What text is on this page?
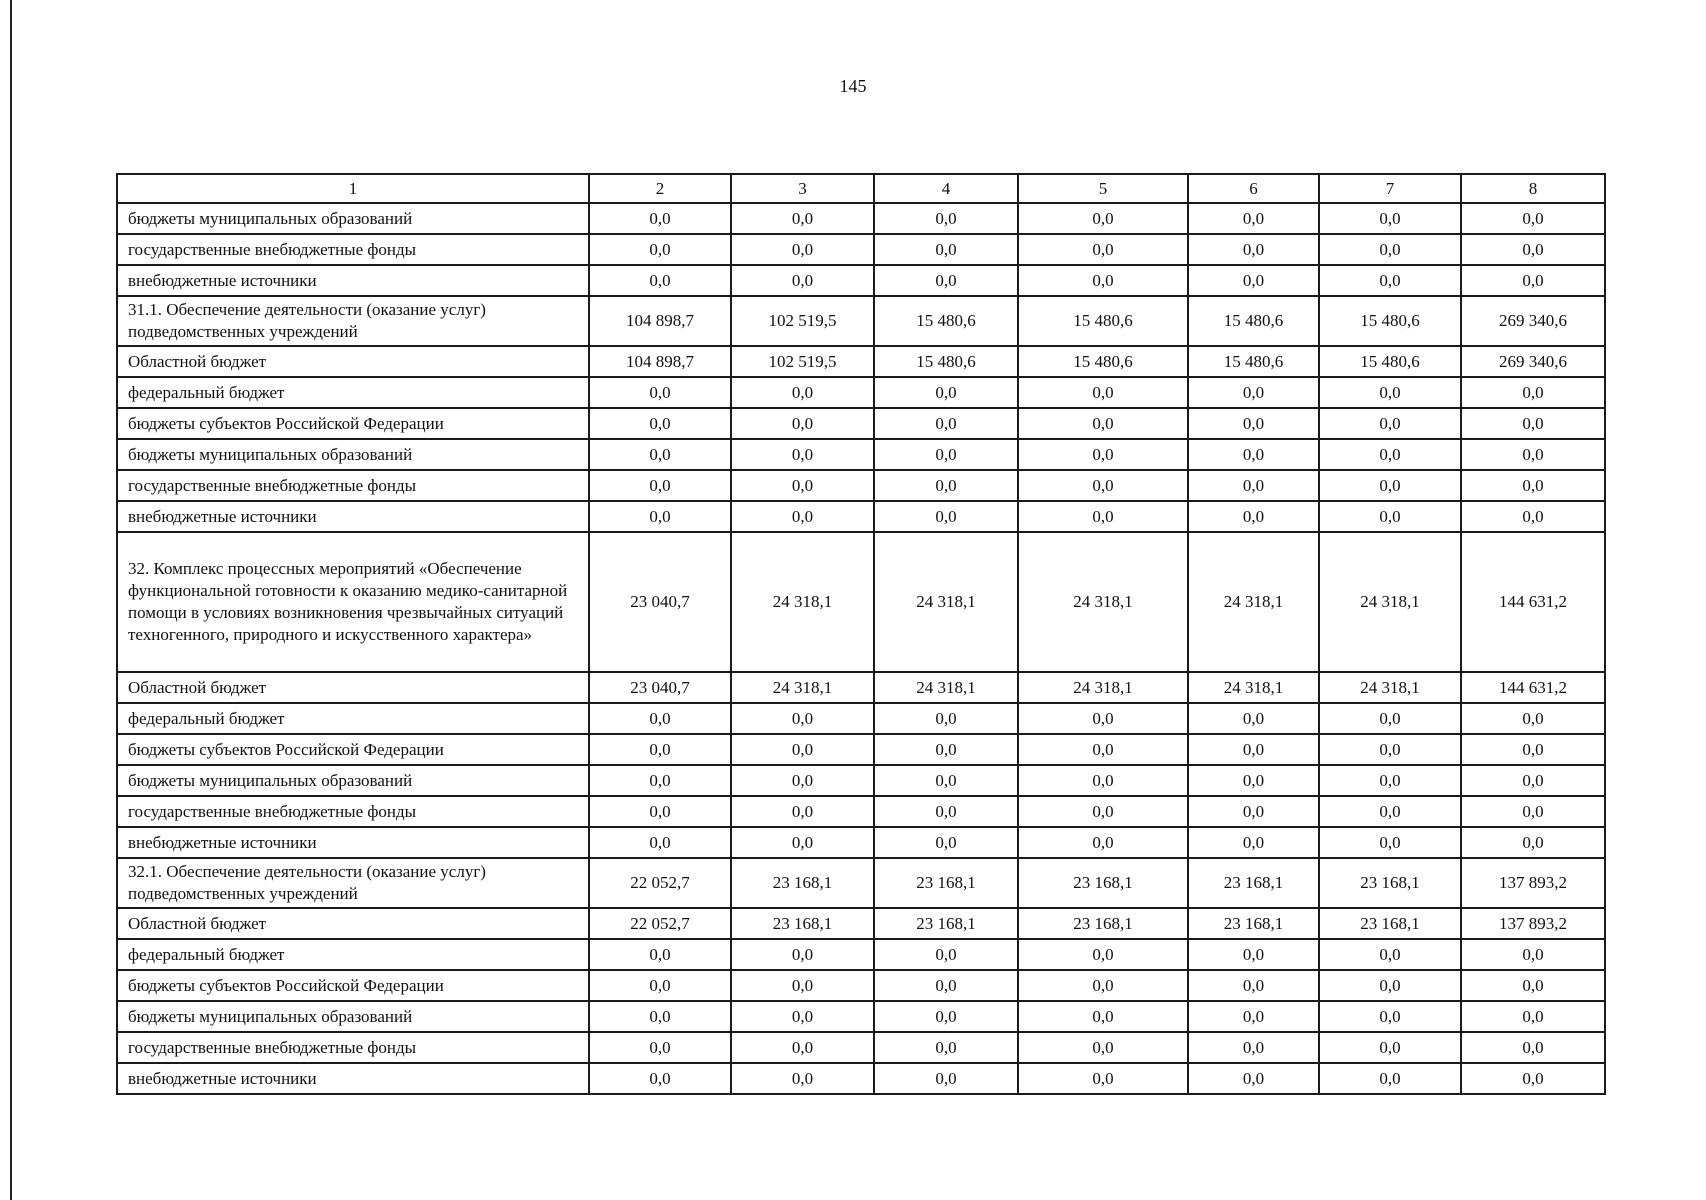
145
1	2	3	4	5	6	7	8
бюджеты муниципальных образований	0,0	0,0	0,0	0,0	0,0	0,0	0,0
государственные внебюджетные фонды	0,0	0,0	0,0	0,0	0,0	0,0	0,0
внебюджетные источники	0,0	0,0	0,0	0,0	0,0	0,0	0,0
31.1. Обеспечение деятельности (оказание услуг) подведомственных учреждений	104 898,7	102 519,5	15 480,6	15 480,6	15 480,6	15 480,6	269 340,6
Областной бюджет	104 898,7	102 519,5	15 480,6	15 480,6	15 480,6	15 480,6	269 340,6
федеральный бюджет	0,0	0,0	0,0	0,0	0,0	0,0	0,0
бюджеты субъектов Российской Федерации	0,0	0,0	0,0	0,0	0,0	0,0	0,0
бюджеты муниципальных образований	0,0	0,0	0,0	0,0	0,0	0,0	0,0
государственные внебюджетные фонды	0,0	0,0	0,0	0,0	0,0	0,0	0,0
внебюджетные источники	0,0	0,0	0,0	0,0	0,0	0,0	0,0
32. Комплекс процессных мероприятий «Обеспечение функциональной готовности к оказанию медико-санитарной помощи в условиях возникновения чрезвычайных ситуаций техногенного, природного и искусственного характера»	23 040,7	24 318,1	24 318,1	24 318,1	24 318,1	24 318,1	144 631,2
Областной бюджет	23 040,7	24 318,1	24 318,1	24 318,1	24 318,1	24 318,1	144 631,2
федеральный бюджет	0,0	0,0	0,0	0,0	0,0	0,0	0,0
бюджеты субъектов Российской Федерации	0,0	0,0	0,0	0,0	0,0	0,0	0,0
бюджеты муниципальных образований	0,0	0,0	0,0	0,0	0,0	0,0	0,0
государственные внебюджетные фонды	0,0	0,0	0,0	0,0	0,0	0,0	0,0
внебюджетные источники	0,0	0,0	0,0	0,0	0,0	0,0	0,0
32.1. Обеспечение деятельности (оказание услуг) подведомственных учреждений	22 052,7	23 168,1	23 168,1	23 168,1	23 168,1	23 168,1	137 893,2
Областной бюджет	22 052,7	23 168,1	23 168,1	23 168,1	23 168,1	23 168,1	137 893,2
федеральный бюджет	0,0	0,0	0,0	0,0	0,0	0,0	0,0
бюджеты субъектов Российской Федерации	0,0	0,0	0,0	0,0	0,0	0,0	0,0
бюджеты муниципальных образований	0,0	0,0	0,0	0,0	0,0	0,0	0,0
государственные внебюджетные фонды	0,0	0,0	0,0	0,0	0,0	0,0	0,0
внебюджетные источники	0,0	0,0	0,0	0,0	0,0	0,0	0,0
